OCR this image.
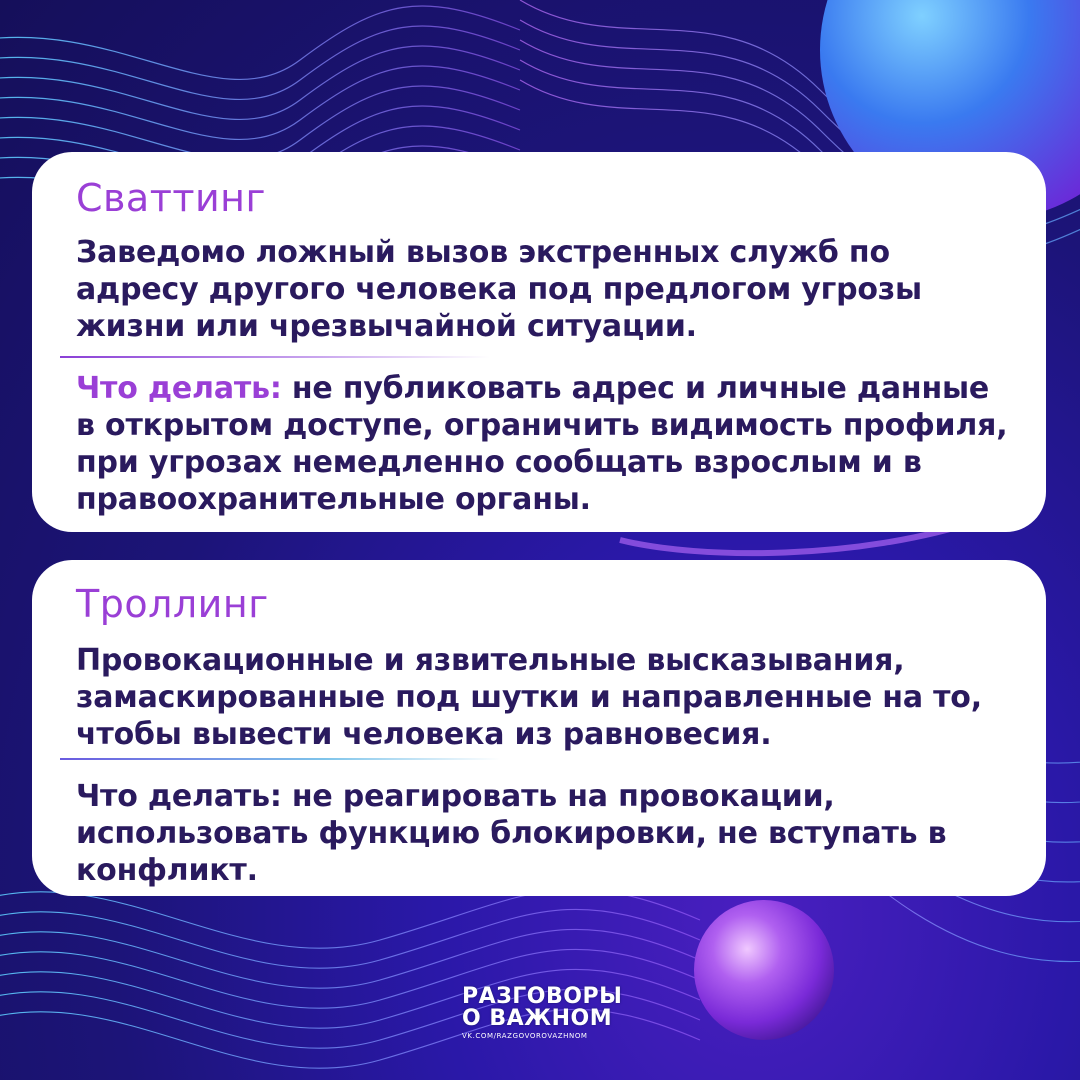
Сваттинг
Заведомо ложный вызов экстренных служб по адресу другого человека под предлогом угрозы жизни или чрезвычайной ситуации.
Что делать: не публиковать адрес и личные данные в открытом доступе, ограничить видимость профиля, при угрозах немедленно сообщать взрослым и в правоохранительные органы.
Троллинг
Провокационные и язвительные высказывания, замаскированные под шутки и направленные на то, чтобы вывести человека из равновесия.
Что делать: не реагировать на провокации, использовать функцию блокировки, не вступать в конфликт.
РАЗГОВОРЫ
О ВАЖНОМ
VK.COM/RAZGOVOROVAZHNOM
